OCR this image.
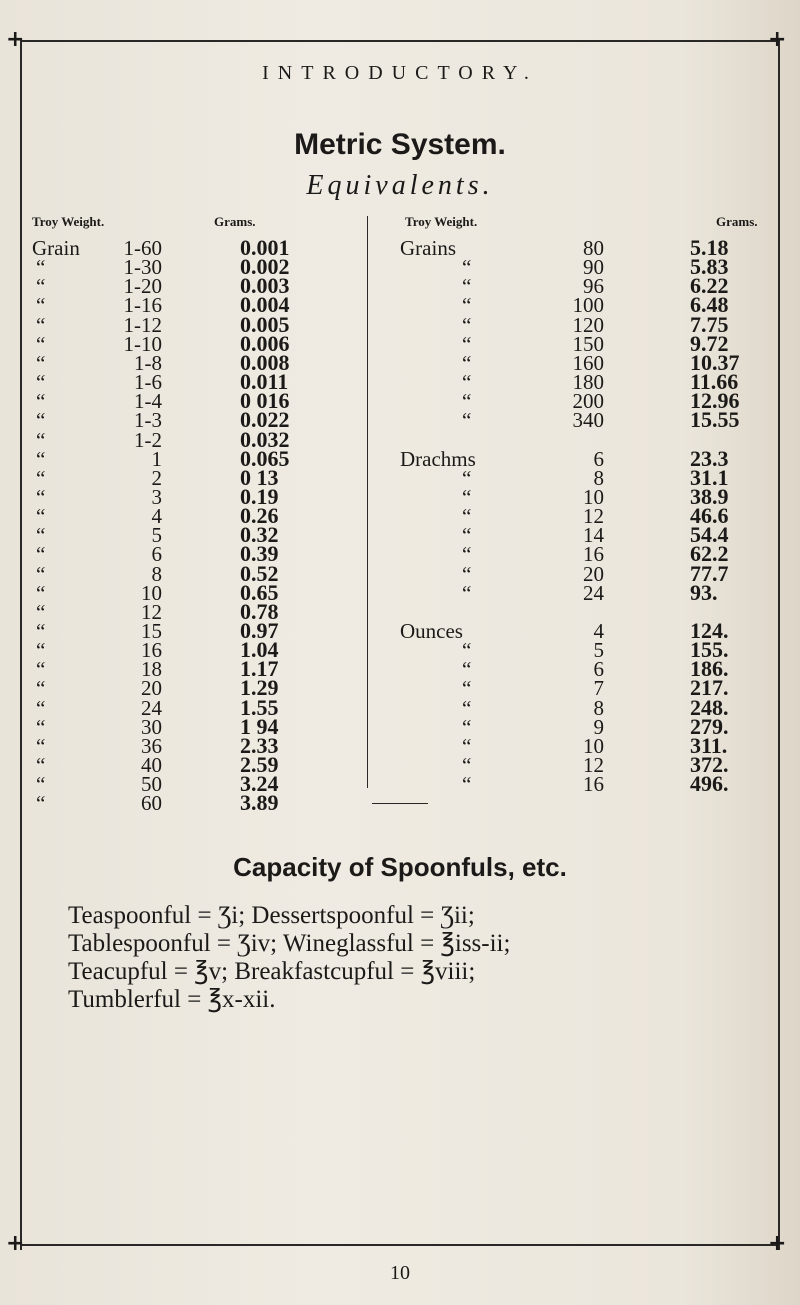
+	+
+	+
INTRODUCTORY.
Metric System.
Equivalents.
Troy Weight.	Grams.	Troy Weight.	Grams.
Grain	1-60	0.001
“	1-30	0.002
“	1-20	0.003
“	1-16	0.004
“	1-12	0.005
“	1-10	0.006
“	1-8	0.008
“	1-6	0.011
“	1-4	0 016
“	1-3	0.022
“	1-2	0.032
“	1	0.065
“	2	0 13
“	3	0.19
“	4	0.26
“	5	0.32
“	6	0.39
“	8	0.52
“	10	0.65
“	12	0.78
“	15	0.97
“	16	1.04
“	18	1.17
“	20	1.29
“	24	1.55
“	30	1 94
“	36	2.33
“	40	2.59
“	50	3.24
“	60	3.89
Grains	80	5.18
“	90	5.83
“	96	6.22
“	100	6.48
“	120	7.75
“	150	9.72
“	160	10.37
“	180	11.66
“	200	12.96
“	340	15.55
Drachms	6	23.3
“	8	31.1
“	10	38.9
“	12	46.6
“	14	54.4
“	16	62.2
“	20	77.7
“	24	93.
Ounces	4	124.
“	5	155.
“	6	186.
“	7	217.
“	8	248.
“	9	279.
“	10	311.
“	12	372.
“	16	496.
Capacity of Spoonfuls, etc.
Teaspoonful = Ʒi; Dessertspoonful = Ʒii;
Tablespoonful = Ʒiv; Wineglassful = ℥iss-ii;
Teacupful = ℥v; Breakfastcupful = ℥viii;
Tumblerful = ℥x-xii.
10
